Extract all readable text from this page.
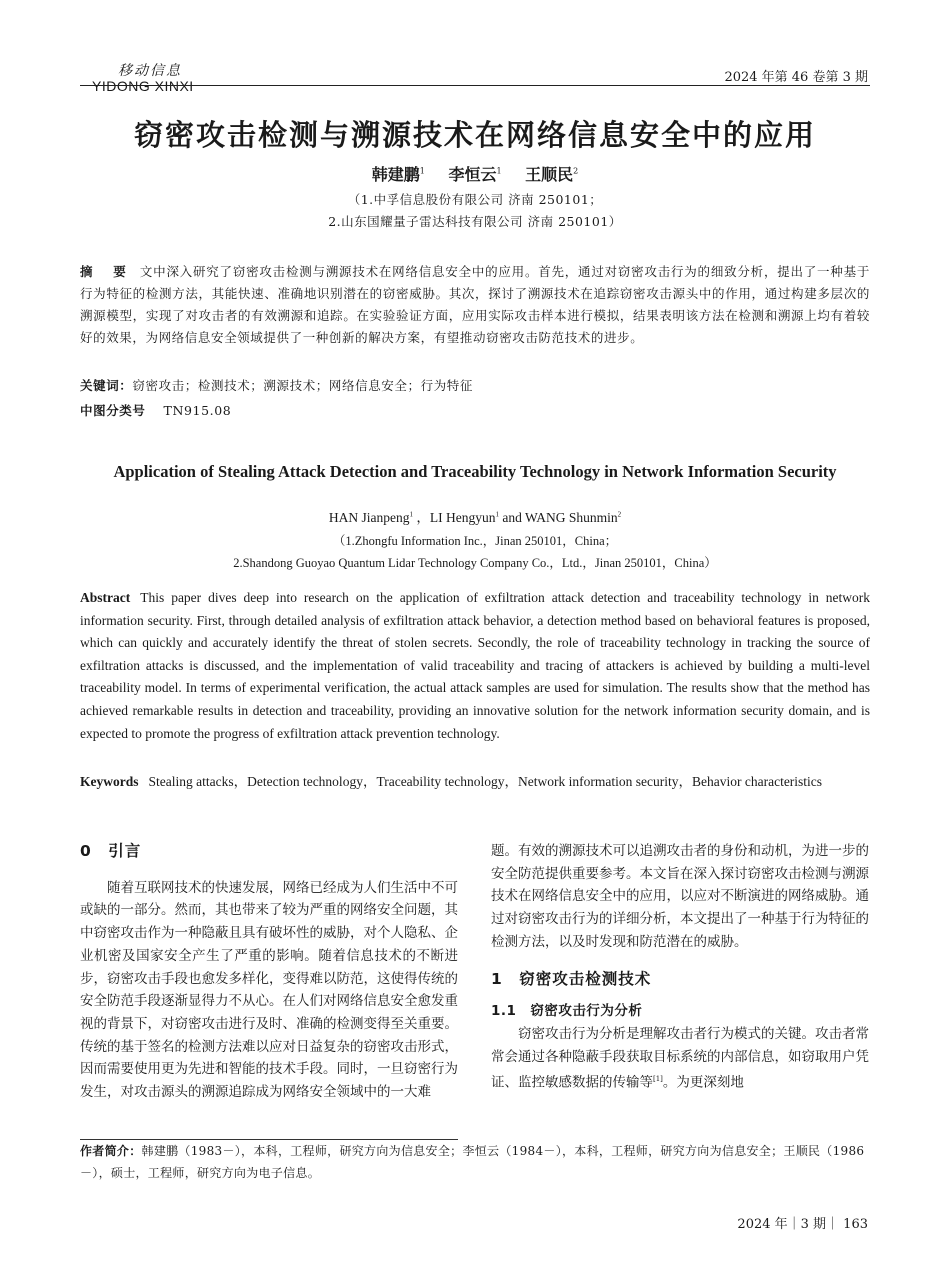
移动信息
YIDONG XINXI
2024 年第 46 卷第 3 期
窃密攻击检测与溯源技术在网络信息安全中的应用
韩建鹏$^1$ 李恒云$^1$ 王顺民$^2$
（1.中孚信息股份有限公司 济南 250101；
2.山东国耀量子雷达科技有限公司 济南 250101）
摘 要 文中深入研究了窃密攻击检测与溯源技术在网络信息安全中的应用。首先，通过对窃密攻击行为的细致分析，提出了一种基于行为特征的检测方法，其能快速、准确地识别潜在的窃密威胁。其次，探讨了溯源技术在追踪窃密攻击源头中的作用，通过构建多层次的溯源模型，实现了对攻击者的有效溯源和追踪。在实验验证方面，应用实际攻击样本进行模拟，结果表明该方法在检测和溯源上均有着较好的效果，为网络信息安全领域提供了一种创新的解决方案，有望推动窃密攻击防范技术的进步。
关键词：窃密攻击；检测技术；溯源技术；网络信息安全；行为特征
中图分类号 TN915.08
Application of Stealing Attack Detection and Traceability Technology in Network Information Security
HAN Jianpeng$^1$ ，LI Hengyun$^1$ and WANG Shunmin$^2$
（1.Zhongfu Information Inc.，Jinan 250101，China；
2.Shandong Guoyao Quantum Lidar Technology Company Co.，Ltd.，Jinan 250101，China）
Abstract This paper dives deep into research on the application of exfiltration attack detection and traceability technology in network information security. First, through detailed analysis of exfiltration attack behavior, a detection method based on behavioral features is proposed, which can quickly and accurately identify the threat of stolen secrets. Secondly, the role of traceability technology in tracking the source of exfiltration attacks is discussed, and the implementation of valid traceability and tracing of attackers is achieved by building a multi-level traceability model. In terms of experimental verification, the actual attack samples are used for simulation. The results show that the method has achieved remarkable results in detection and traceability, providing an innovative solution for the network information security domain, and is expected to promote the progress of exfiltration attack prevention technology.
Keywords Stealing attacks，Detection technology，Traceability technology，Network information security，Behavior characteristics
0　引言
随着互联网技术的快速发展，网络已经成为人们生活中不可或缺的一部分。然而，其也带来了较为严重的网络安全问题，其中窃密攻击作为一种隐蔽且具有破坏性的威胁，对个人隐私、企业机密及国家安全产生了严重的影响。随着信息技术的不断进步，窃密攻击手段也愈发多样化，变得难以防范，这使得传统的安全防范手段逐渐显得力不从心。在人们对网络信息安全愈发重视的背景下，对窃密攻击进行及时、准确的检测变得至关重要。传统的基于签名的检测方法难以应对日益复杂的窃密攻击形式，因而需要使用更为先进和智能的技术手段。同时，一旦窃密行为发生，对攻击源头的溯源追踪成为网络安全领域中的一大难
题。有效的溯源技术可以追溯攻击者的身份和动机，为进一步的安全防范提供重要参考。本文旨在深入探讨窃密攻击检测与溯源技术在网络信息安全中的应用，以应对不断演进的网络威胁。通过对窃密攻击行为的详细分析，本文提出了一种基于行为特征的检测方法，以及时发现和防范潜在的威胁。
1　窃密攻击检测技术
1.1　窃密攻击行为分析
窃密攻击行为分析是理解攻击者行为模式的关键。攻击者常常会通过各种隐蔽手段获取目标系统的内部信息，如窃取用户凭证、监控敏感数据的传输等[1]。为更深刻地
作者简介：韩建鹏（1983－），本科，工程师，研究方向为信息安全；李恒云（1984－），本科，工程师，研究方向为信息安全；王顺民（1986－），硕士，工程师，研究方向为电子信息。
2024 年｜3 期｜ 163
